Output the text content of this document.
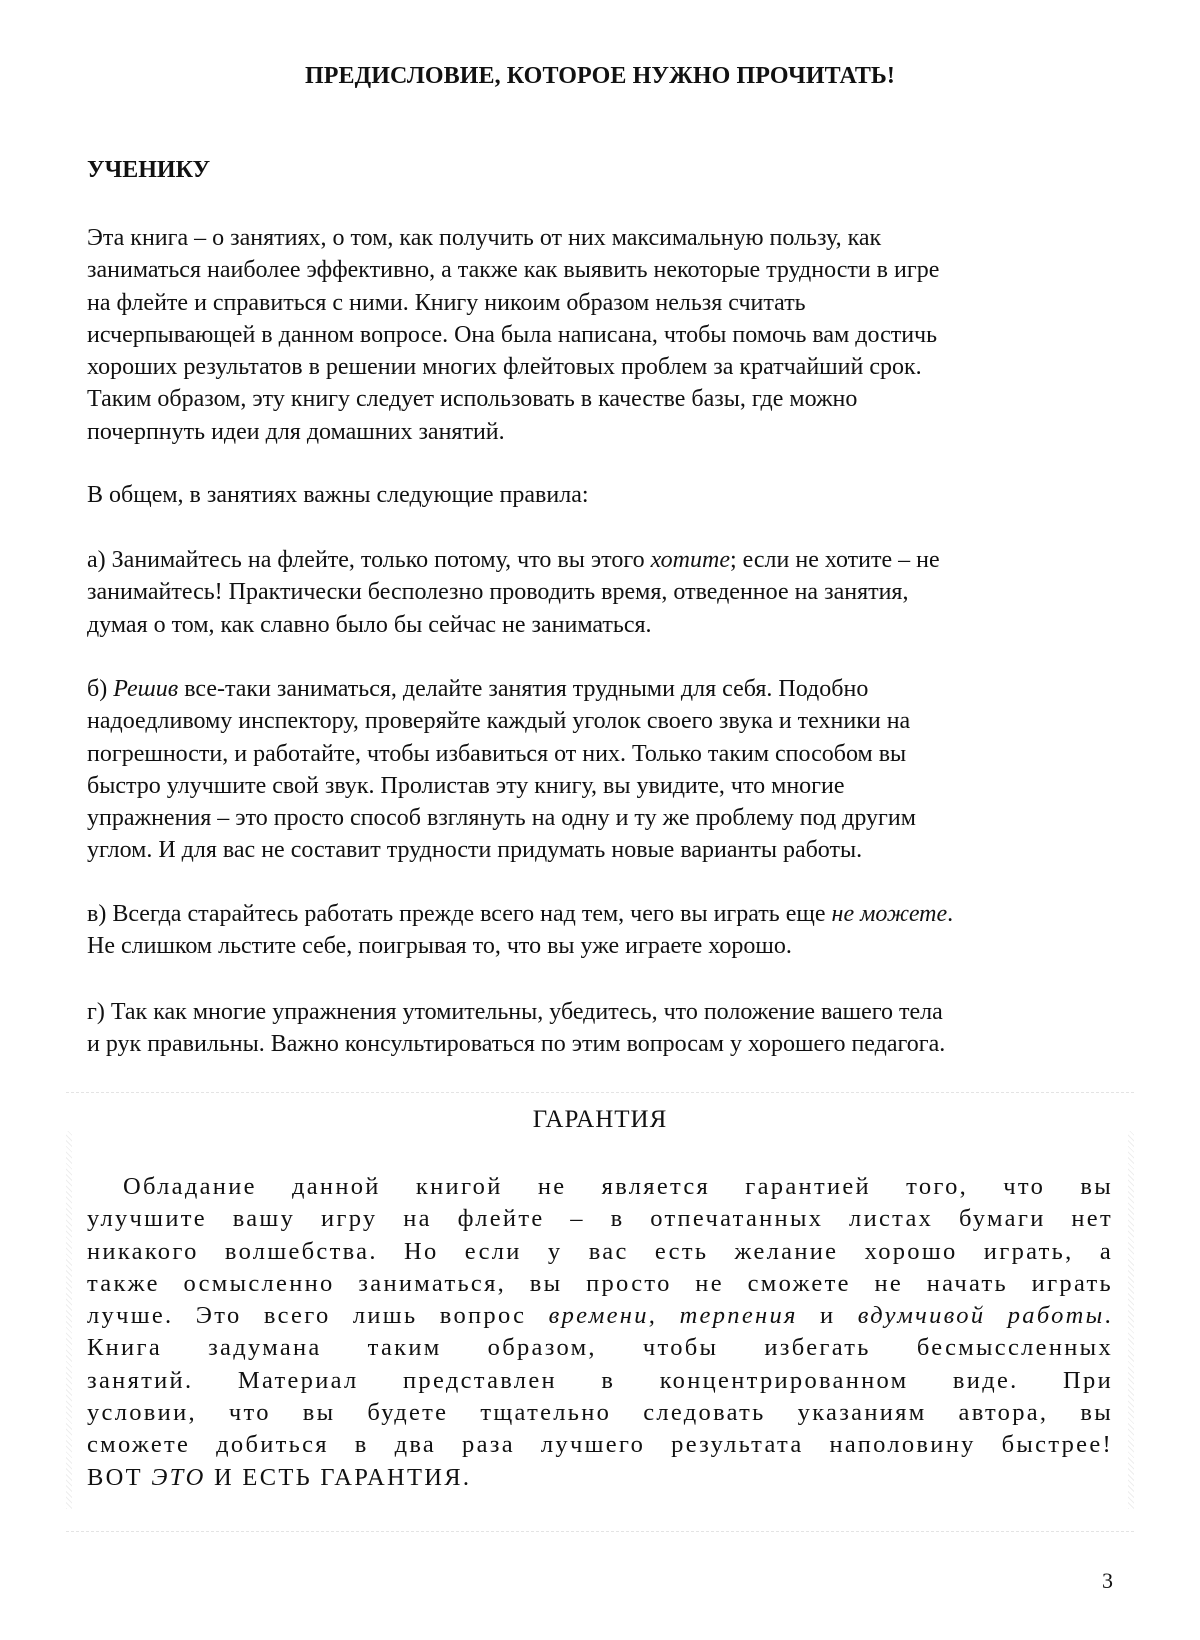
ПРЕДИСЛОВИЕ, КОТОРОЕ НУЖНО ПРОЧИТАТЬ!
УЧЕНИКУ
Эта книга – о занятиях, о том, как получить от них максимальную пользу, как
заниматься наиболее эффективно, а также как выявить некоторые трудности в игре
на флейте и справиться с ними. Книгу никоим образом нельзя считать
исчерпывающей в данном вопросе. Она была написана, чтобы помочь вам достичь
хороших результатов в решении многих флейтовых проблем за кратчайший срок.
Таким образом, эту книгу следует использовать в качестве базы, где можно
почерпнуть идеи для домашних занятий.
В общем, в занятиях важны следующие правила:
а) Занимайтесь на флейте, только потому, что вы этого хотите; если не хотите – не
занимайтесь! Практически бесполезно проводить время, отведенное на занятия,
думая о том, как славно было бы сейчас не заниматься.
б) Решив все-таки заниматься, делайте занятия трудными для себя. Подобно
надоедливому инспектору, проверяйте каждый уголок своего звука и техники на
погрешности, и работайте, чтобы избавиться от них. Только таким способом вы
быстро улучшите свой звук. Пролистав эту книгу, вы увидите, что многие
упражнения – это просто способ взглянуть на одну и ту же проблему под другим
углом. И для вас не составит трудности придумать новые варианты работы.
в) Всегда старайтесь работать прежде всего над тем, чего вы играть еще не можете.
Не слишком льстите себе, поигрывая то, что вы уже играете хорошо.
г) Так как многие упражнения утомительны, убедитесь, что положение вашего тела
и рук правильны. Важно консультироваться по этим вопросам у хорошего педагога.
ГАРАНТИЯ
Обладание данной книгой не является гарантией того, что вы
улучшите вашу игру на флейте – в отпечатанных листах бумаги нет
никакого волшебства. Но если у вас есть желание хорошо играть, а
также осмысленно заниматься, вы просто не сможете не начать играть
лучше. Это всего лишь вопрос времени, терпения и вдумчивой работы.
Книга задумана таким образом, чтобы избегать бесмысcленных
занятий. Материал представлен в концентрированном виде. При
условии, что вы будете тщательно следовать указаниям автора, вы
сможете добиться в два раза лучшего результата наполовину быстрее!
ВОТ ЭТО И ЕСТЬ ГАРАНТИЯ.
3
